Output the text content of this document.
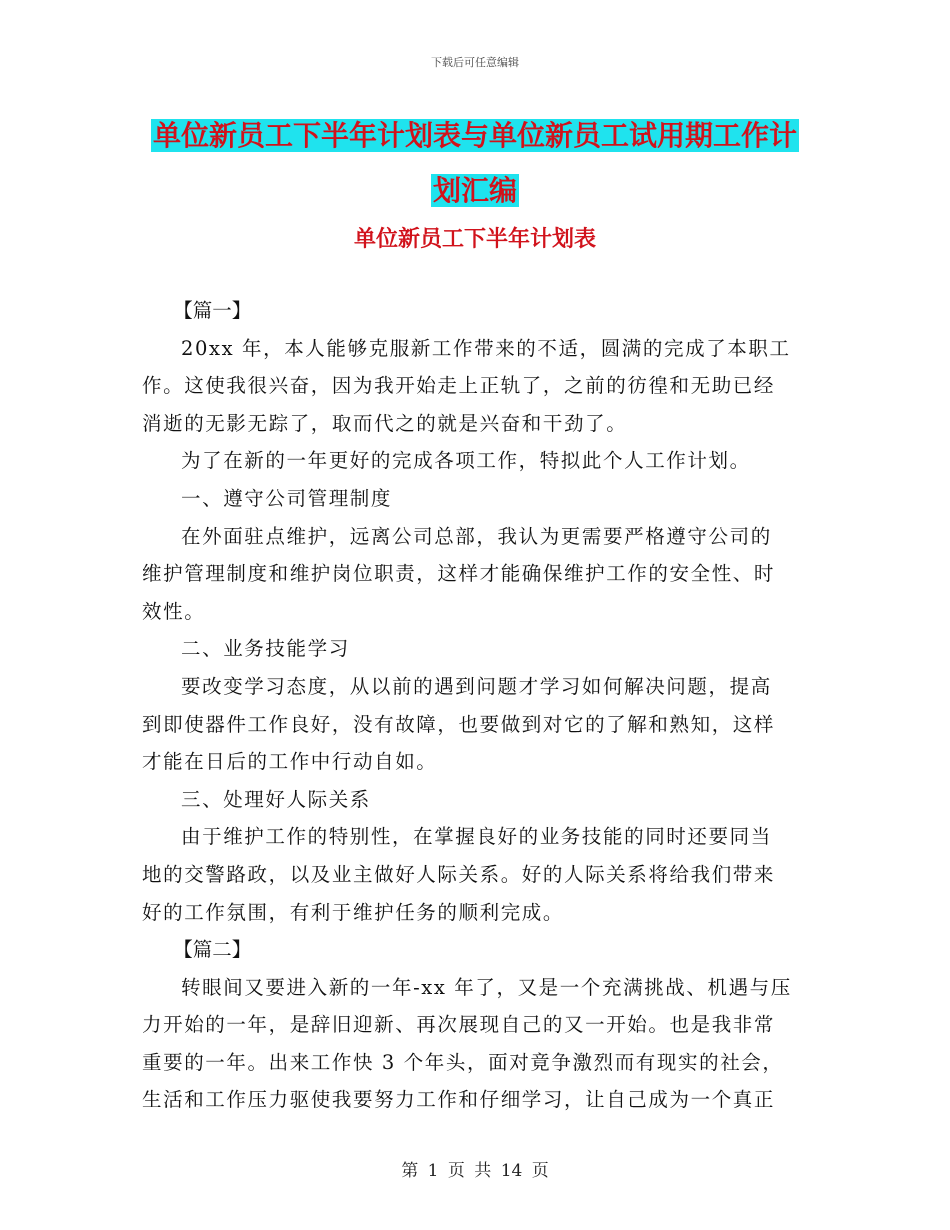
下载后可任意编辑
单位新员工下半年计划表与单位新员工试用期工作计
划汇编
单位新员工下半年计划表

【篇一】

20xx 年，本人能够克服新工作带来的不适，圆满的完成了本职工
作。这使我很兴奋，因为我开始走上正轨了，之前的彷徨和无助已经
消逝的无影无踪了，取而代之的就是兴奋和干劲了。

为了在新的一年更好的完成各项工作，特拟此个人工作计划。

一、遵守公司管理制度

在外面驻点维护，远离公司总部，我认为更需要严格遵守公司的
维护管理制度和维护岗位职责，这样才能确保维护工作的安全性、时
效性。

二、业务技能学习

要改变学习态度，从以前的遇到问题才学习如何解决问题，提高
到即使器件工作良好，没有故障，也要做到对它的了解和熟知，这样
才能在日后的工作中行动自如。

三、处理好人际关系

由于维护工作的特别性，在掌握良好的业务技能的同时还要同当
地的交警路政，以及业主做好人际关系。好的人际关系将给我们带来
好的工作氛围，有利于维护任务的顺利完成。

【篇二】

转眼间又要进入新的一年-xx 年了，又是一个充满挑战、机遇与压
力开始的一年，是辞旧迎新、再次展现自己的又一开始。也是我非常
重要的一年。出来工作快 3 个年头，面对竟争激烈而有现实的社会，
生活和工作压力驱使我要努力工作和仔细学习，让自己成为一个真正

第 1 页 共 14 页
